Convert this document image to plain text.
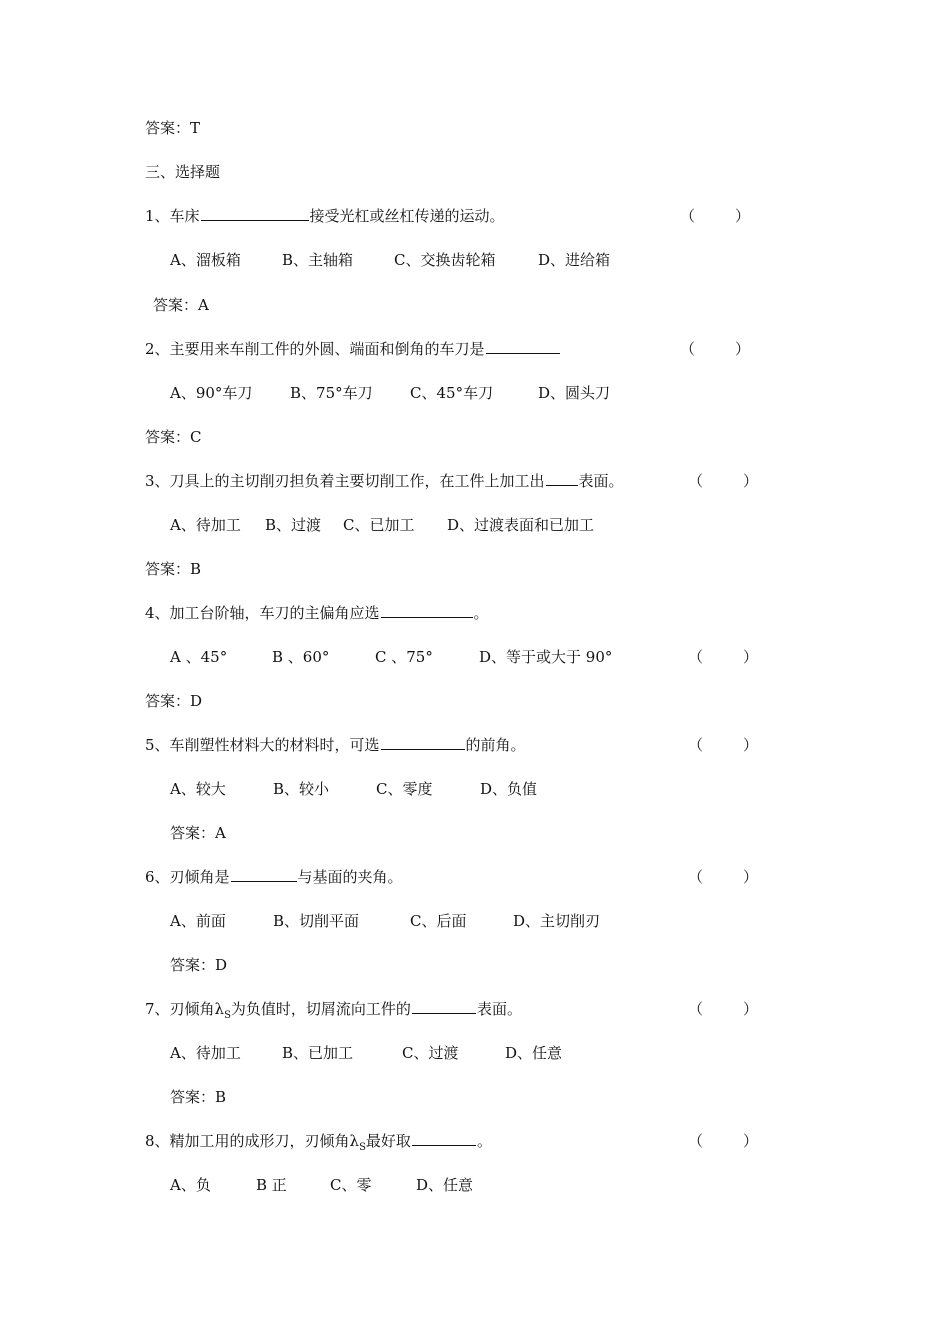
答案：T
三、选择题
1、车床	接受光杠或丝杠传递的运动。	（	）
A、溜板箱	B、主轴箱	C、交换齿轮箱	D、进给箱
答案：A
2、主要用来车削工件的外圆、端面和倒角的车刀是	（	）
A、90°车刀	B、75°车刀 C、45°车刀	D、圆头刀
答案：C
3、刀具上的主切削刃担负着主要切削工作，在工件上加工出 表面。	（	）
A、待加工 B、过渡 C、已加工 D、过渡表面和已加工
答案：B
4、加工台阶轴，车刀的主偏角应选	。
A 、45°	B 、60°	C 、75°	D、等于或大于 90°	（	）
答案：D
5、车削塑性材料大的材料时，可选	的前角。	（	）
A、较大	B、较小	C、零度	D、负值
答案：A
6、刃倾角是	与基面的夹角。	（	）
A、前面	B、切削平面	C、后面	D、主切削刃
答案：D
7、刃倾角$\lambda_S$为负值时，切屑流向工件的	表面。	（	）
A、待加工	B、已加工	C、过渡	D、任意
答案：B
8、精加工用的成形刀，刃倾角$\lambda_S$最好取	。	（	）
A、负	B 正	C、零	D、任意
